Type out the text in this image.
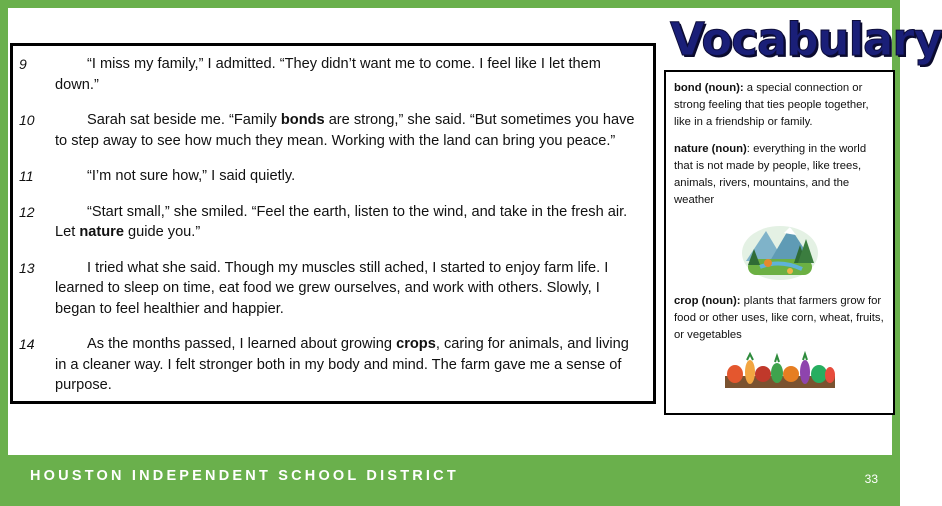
9	“I miss my family,” I admitted. “They didn’t want me to come. I feel like I let them down.”
10	Sarah sat beside me. “Family bonds are strong,” she said. “But sometimes you have to step away to see how much they mean. Working with the land can bring you peace.”
11	“I’m not sure how,” I said quietly.
12	“Start small,” she smiled. “Feel the earth, listen to the wind, and take in the fresh air. Let nature guide you.”
13	I tried what she said. Though my muscles still ached, I started to enjoy farm life. I learned to sleep on time, eat food we grew ourselves, and work with others. Slowly, I began to feel healthier and happier.
14	As the months passed, I learned about growing crops, caring for animals, and living in a cleaner way. I felt stronger both in my body and mind. The farm gave me a sense of purpose.
Vocabulary
bond (noun): a special connection or strong feeling that ties people together, like in a friendship or family.
nature (noun): everything in the world that is not made by people, like trees, animals, rivers, mountains, and the weather
crop (noun): plants that farmers grow for food or other uses, like corn, wheat, fruits, or vegetables
HOUSTON INDEPENDENT SCHOOL DISTRICT	33
